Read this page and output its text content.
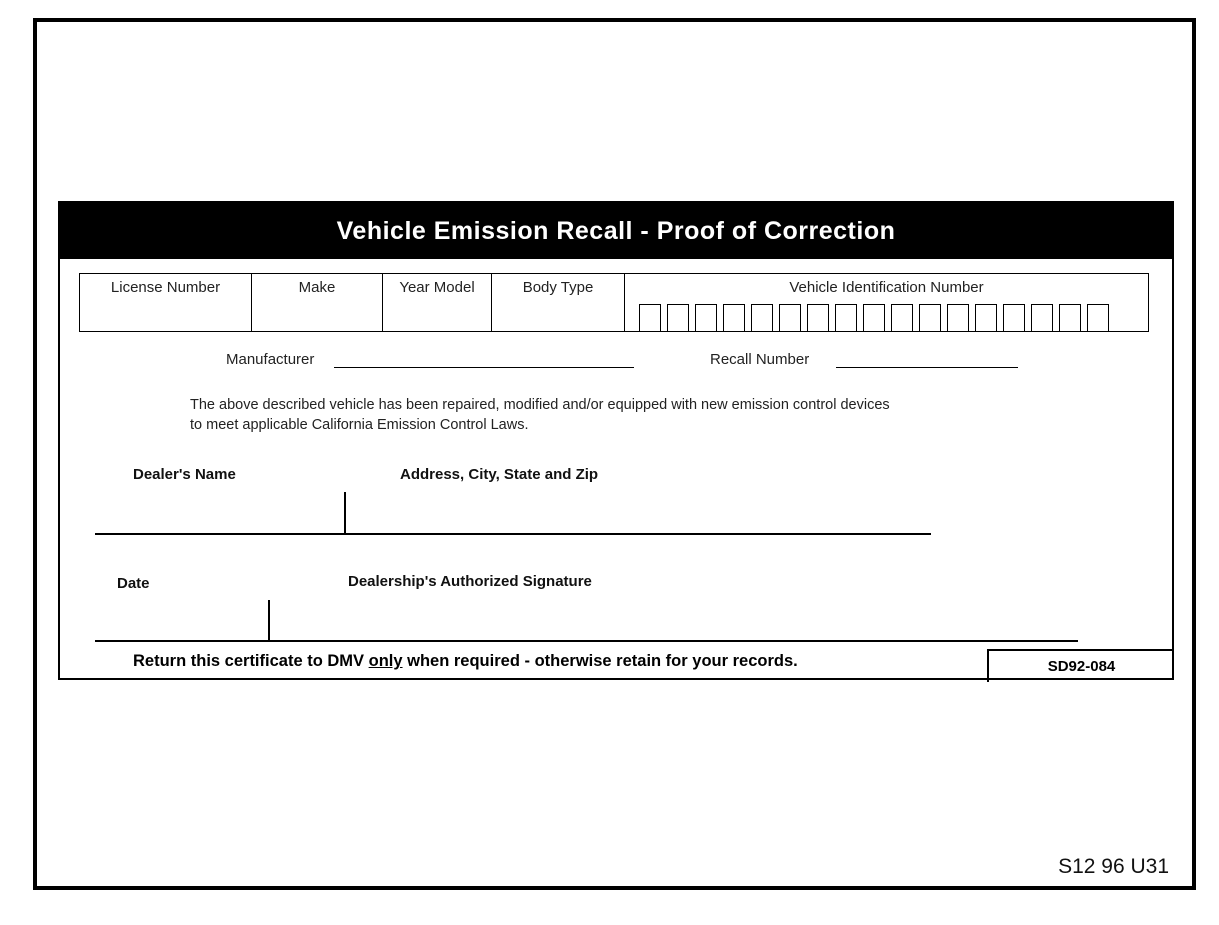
Vehicle Emission Recall - Proof of Correction
License Number	Make	Year Model	Body Type	Vehicle Identification Number
Manufacturer	Recall Number
The above described vehicle has been repaired, modified and/or equipped with new emission control devices
to meet applicable California Emission Control Laws.
Dealer's Name	Address, City, State and Zip
Date	Dealership's Authorized Signature
Return this certificate to DMV only when required - otherwise retain for your records.	SD92-084
S12 96 U31
